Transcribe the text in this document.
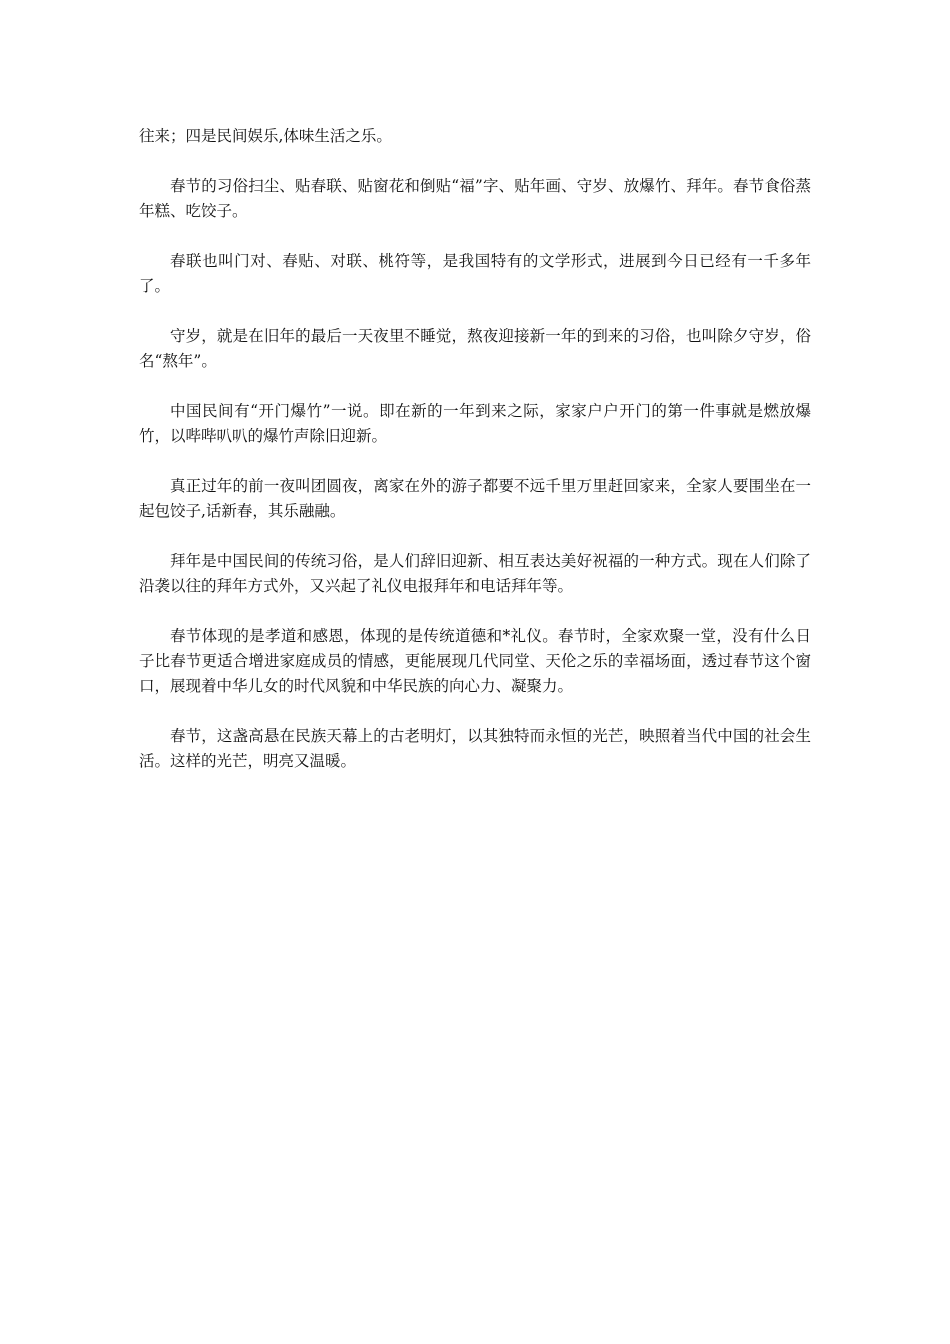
往来；四是民间娱乐,体味生活之乐。

春节的习俗扫尘、贴春联、贴窗花和倒贴“福”字、贴年画、守岁、放爆竹、拜年。春节食俗蒸年糕、吃饺子。

春联也叫门对、春贴、对联、桃符等，是我国特有的文学形式，进展到今日已经有一千多年了。

守岁，就是在旧年的最后一天夜里不睡觉，熬夜迎接新一年的到来的习俗，也叫除夕守岁，俗名“熬年”。

中国民间有“开门爆竹”一说。即在新的一年到来之际，家家户户开门的第一件事就是燃放爆竹，以哔哔叭叭的爆竹声除旧迎新。

真正过年的前一夜叫团圆夜，离家在外的游子都要不远千里万里赶回家来，全家人要围坐在一起包饺子,话新春，其乐融融。

拜年是中国民间的传统习俗，是人们辞旧迎新、相互表达美好祝福的一种方式。现在人们除了沿袭以往的拜年方式外，又兴起了礼仪电报拜年和电话拜年等。

春节体现的是孝道和感恩，体现的是传统道德和*礼仪。春节时，全家欢聚一堂，没有什么日子比春节更适合增进家庭成员的情感，更能展现几代同堂、天伦之乐的幸福场面，透过春节这个窗口，展现着中华儿女的时代风貌和中华民族的向心力、凝聚力。

春节，这盏高悬在民族天幕上的古老明灯，以其独特而永恒的光芒，映照着当代中国的社会生活。这样的光芒，明亮又温暖。
